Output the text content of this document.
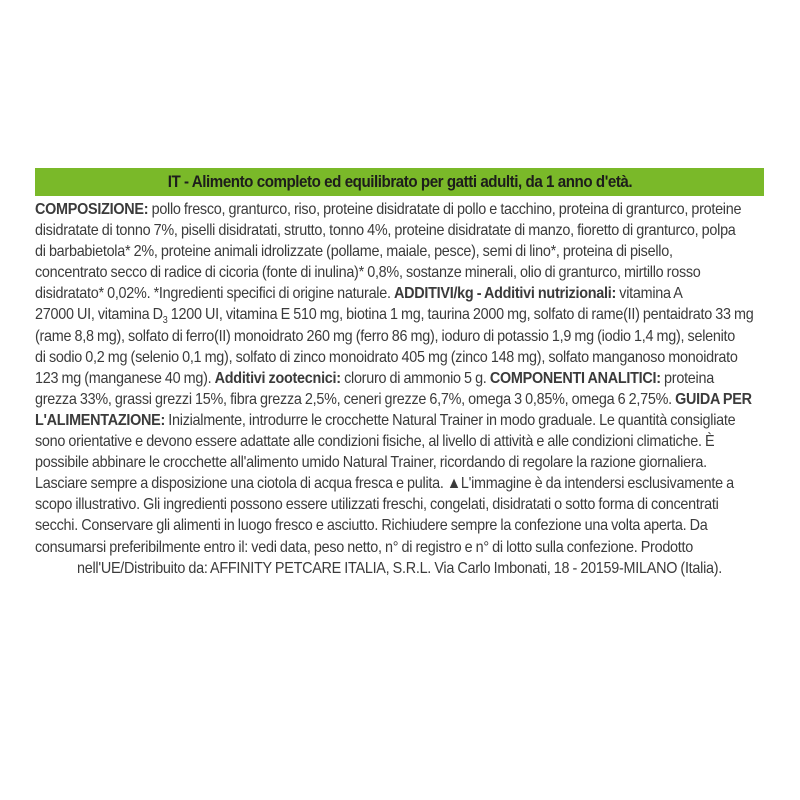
IT - Alimento completo ed equilibrato per gatti adulti, da 1 anno d'età.
COMPOSIZIONE: pollo fresco, granturco, riso, proteine disidratate di pollo e tacchino, proteina di granturco, proteine
disidratate di tonno 7%, piselli disidratati, strutto, tonno 4%, proteine disidratate di manzo, fioretto di granturco, polpa
di barbabietola* 2%, proteine animali idrolizzate (pollame, maiale, pesce), semi di lino*, proteina di pisello,
concentrato secco di radice di cicoria (fonte di inulina)* 0,8%, sostanze minerali, olio di granturco, mirtillo rosso
disidratato* 0,02%. *Ingredienti specifici di origine naturale. ADDITIVI/kg - Additivi nutrizionali: vitamina A
27000 UI, vitamina $D_3$ 1200 UI, vitamina E 510 mg, biotina 1 mg, taurina 2000 mg, solfato di rame(II) pentaidrato 33 mg
(rame 8,8 mg), solfato di ferro(II) monoidrato 260 mg (ferro 86 mg), ioduro di potassio 1,9 mg (iodio 1,4 mg), selenito
di sodio 0,2 mg (selenio 0,1 mg), solfato di zinco monoidrato 405 mg (zinco 148 mg), solfato manganoso monoidrato
123 mg (manganese 40 mg). Additivi zootecnici: cloruro di ammonio 5 g. COMPONENTI ANALITICI: proteina
grezza 33%, grassi grezzi 15%, fibra grezza 2,5%, ceneri grezze 6,7%, omega 3 0,85%, omega 6 2,75%. GUIDA PER
L'ALIMENTAZIONE: Inizialmente, introdurre le crocchette Natural Trainer in modo graduale. Le quantità consigliate
sono orientative e devono essere adattate alle condizioni fisiche, al livello di attività e alle condizioni climatiche. È
possibile abbinare le crocchette all'alimento umido Natural Trainer, ricordando di regolare la razione giornaliera.
Lasciare sempre a disposizione una ciotola di acqua fresca e pulita. ▲L'immagine è da intendersi esclusivamente a
scopo illustrativo. Gli ingredienti possono essere utilizzati freschi, congelati, disidratati o sotto forma di concentrati
secchi. Conservare gli alimenti in luogo fresco e asciutto. Richiudere sempre la confezione una volta aperta. Da
consumarsi preferibilmente entro il: vedi data, peso netto, n° di registro e n° di lotto sulla confezione. Prodotto
nell'UE/Distribuito da: AFFINITY PETCARE ITALIA, S.R.L. Via Carlo Imbonati, 18 - 20159-MILANO (Italia).
